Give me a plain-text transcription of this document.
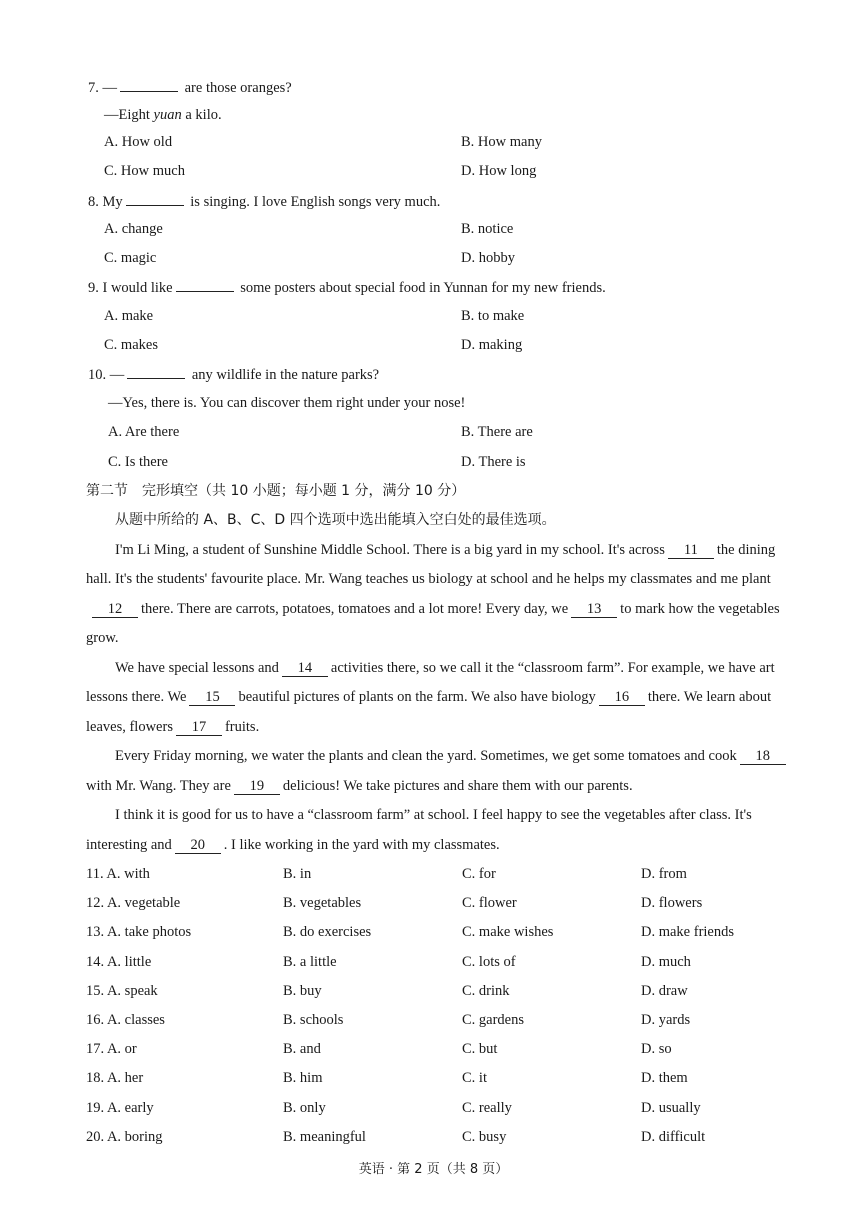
7. —	are those oranges?
—Eight yuan a kilo.
A. How old	B. How many
C. How much	D. How long
8. My	is singing. I love English songs very much.
A. change	B. notice
C. magic	D. hobby
9. I would like	some posters about special food in Yunnan for my new friends.
A. make	B. to make
C. makes	D. making
10. —	any wildlife in the nature parks?
—Yes, there is. You can discover them right under your nose!
A. Are there	B. There are
C. Is there	D. There is
第二节　完形填空（共 10 小题；每小题 1 分，满分 10 分）
从题中所给的 A、B、C、D 四个选项中选出能填入空白处的最佳选项。
I'm Li Ming, a student of Sunshine Middle School. There is a big yard in my school. It's across 11 the dining
hall. It's the students' favourite place. Mr. Wang teaches us biology at school and he helps my classmates and me plant
12 there. There are carrots, potatoes, tomatoes and a lot more! Every day, we 13 to mark how the vegetables
grow.
We have special lessons and 14 activities there, so we call it the “classroom farm”. For example, we have art
lessons there. We 15 beautiful pictures of plants on the farm. We also have biology 16 there. We learn about
leaves, flowers 17 fruits.
Every Friday morning, we water the plants and clean the yard. Sometimes, we get some tomatoes and cook 18
with Mr. Wang. They are 19 delicious! We take pictures and share them with our parents.
I think it is good for us to have a “classroom farm” at school. I feel happy to see the vegetables after class. It's
interesting and 20 . I like working in the yard with my classmates.
11. A. with	B. in	C. for	D. from
12. A. vegetable	B. vegetables	C. flower	D. flowers
13. A. take photos	B. do exercises	C. make wishes	D. make friends
14. A. little	B. a little	C. lots of	D. much
15. A. speak	B. buy	C. drink	D. draw
16. A. classes	B. schools	C. gardens	D. yards
17. A. or	B. and	C. but	D. so
18. A. her	B. him	C. it	D. them
19. A. early	B. only	C. really	D. usually
20. A. boring	B. meaningful	C. busy	D. difficult
英语 · 第 2 页（共 8 页）
